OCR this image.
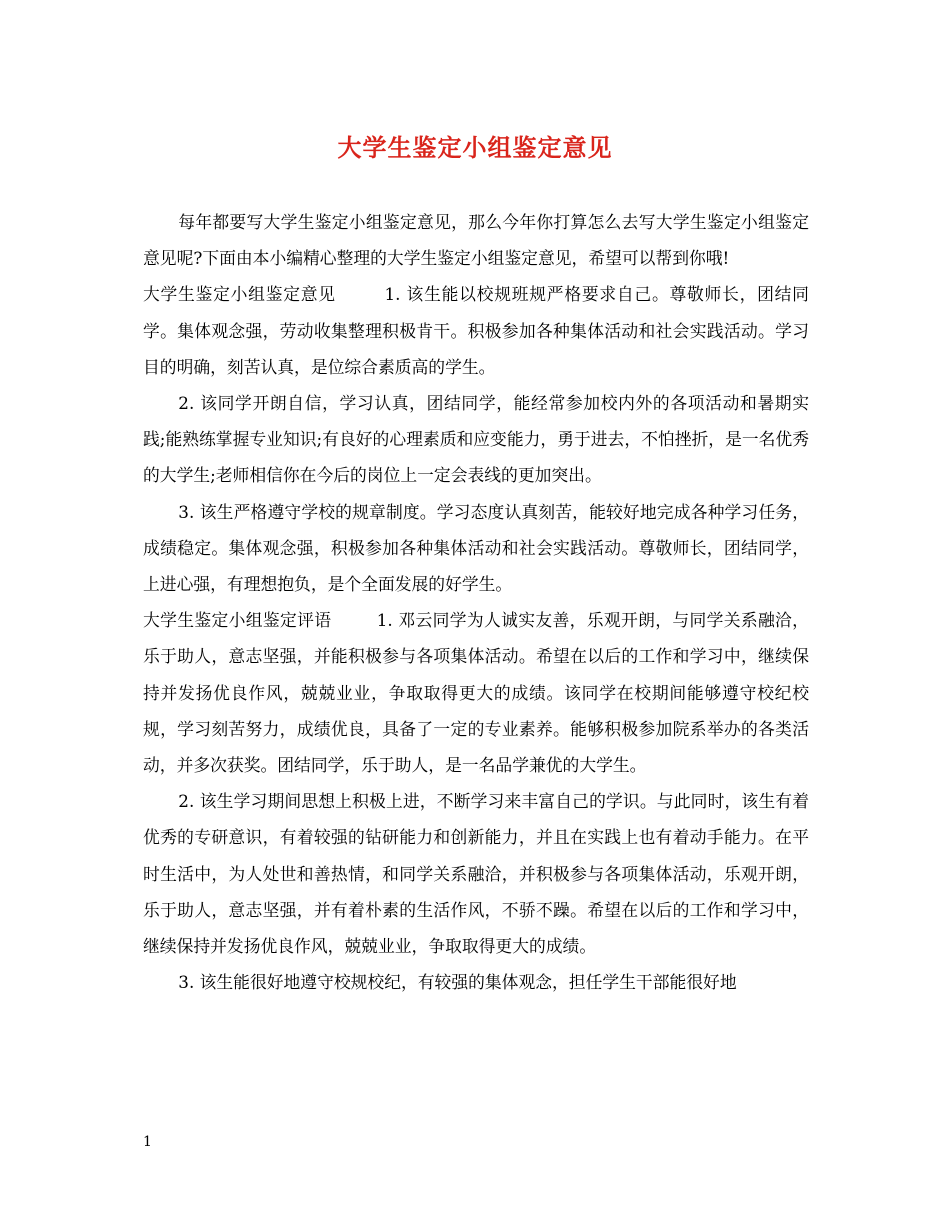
大学生鉴定小组鉴定意见

每年都要写大学生鉴定小组鉴定意见，那么今年你打算怎么去写大学生鉴定小组鉴定意见呢?下面由本小编精心整理的大学生鉴定小组鉴定意见，希望可以帮到你哦!

大学生鉴定小组鉴定意见	1. 该生能以校规班规严格要求自己。尊敬师长，团结同学。集体观念强，劳动收集整理积极肯干。积极参加各种集体活动和社会实践活动。学习目的明确，刻苦认真，是位综合素质高的学生。

2. 该同学开朗自信，学习认真，团结同学，能经常参加校内外的各项活动和暑期实践;能熟练掌握专业知识;有良好的心理素质和应变能力，勇于进去，不怕挫折，是一名优秀的大学生;老师相信你在今后的岗位上一定会表线的更加突出。

3. 该生严格遵守学校的规章制度。学习态度认真刻苦，能较好地完成各种学习任务，成绩稳定。集体观念强，积极参加各种集体活动和社会实践活动。尊敬师长，团结同学，上进心强，有理想抱负，是个全面发展的好学生。

大学生鉴定小组鉴定评语	1. 邓云同学为人诚实友善，乐观开朗，与同学关系融洽，乐于助人，意志坚强，并能积极参与各项集体活动。希望在以后的工作和学习中，继续保持并发扬优良作风，兢兢业业，争取取得更大的成绩。该同学在校期间能够遵守校纪校规，学习刻苦努力，成绩优良，具备了一定的专业素养。能够积极参加院系举办的各类活动，并多次获奖。团结同学，乐于助人，是一名品学兼优的大学生。

2. 该生学习期间思想上积极上进，不断学习来丰富自己的学识。与此同时，该生有着优秀的专研意识，有着较强的钻研能力和创新能力，并且在实践上也有着动手能力。在平时生活中，为人处世和善热情，和同学关系融洽，并积极参与各项集体活动，乐观开朗，乐于助人，意志坚强，并有着朴素的生活作风，不骄不躁。希望在以后的工作和学习中，继续保持并发扬优良作风，兢兢业业，争取取得更大的成绩。

3. 该生能很好地遵守校规校纪，有较强的集体观念，担任学生干部能很好地

1
